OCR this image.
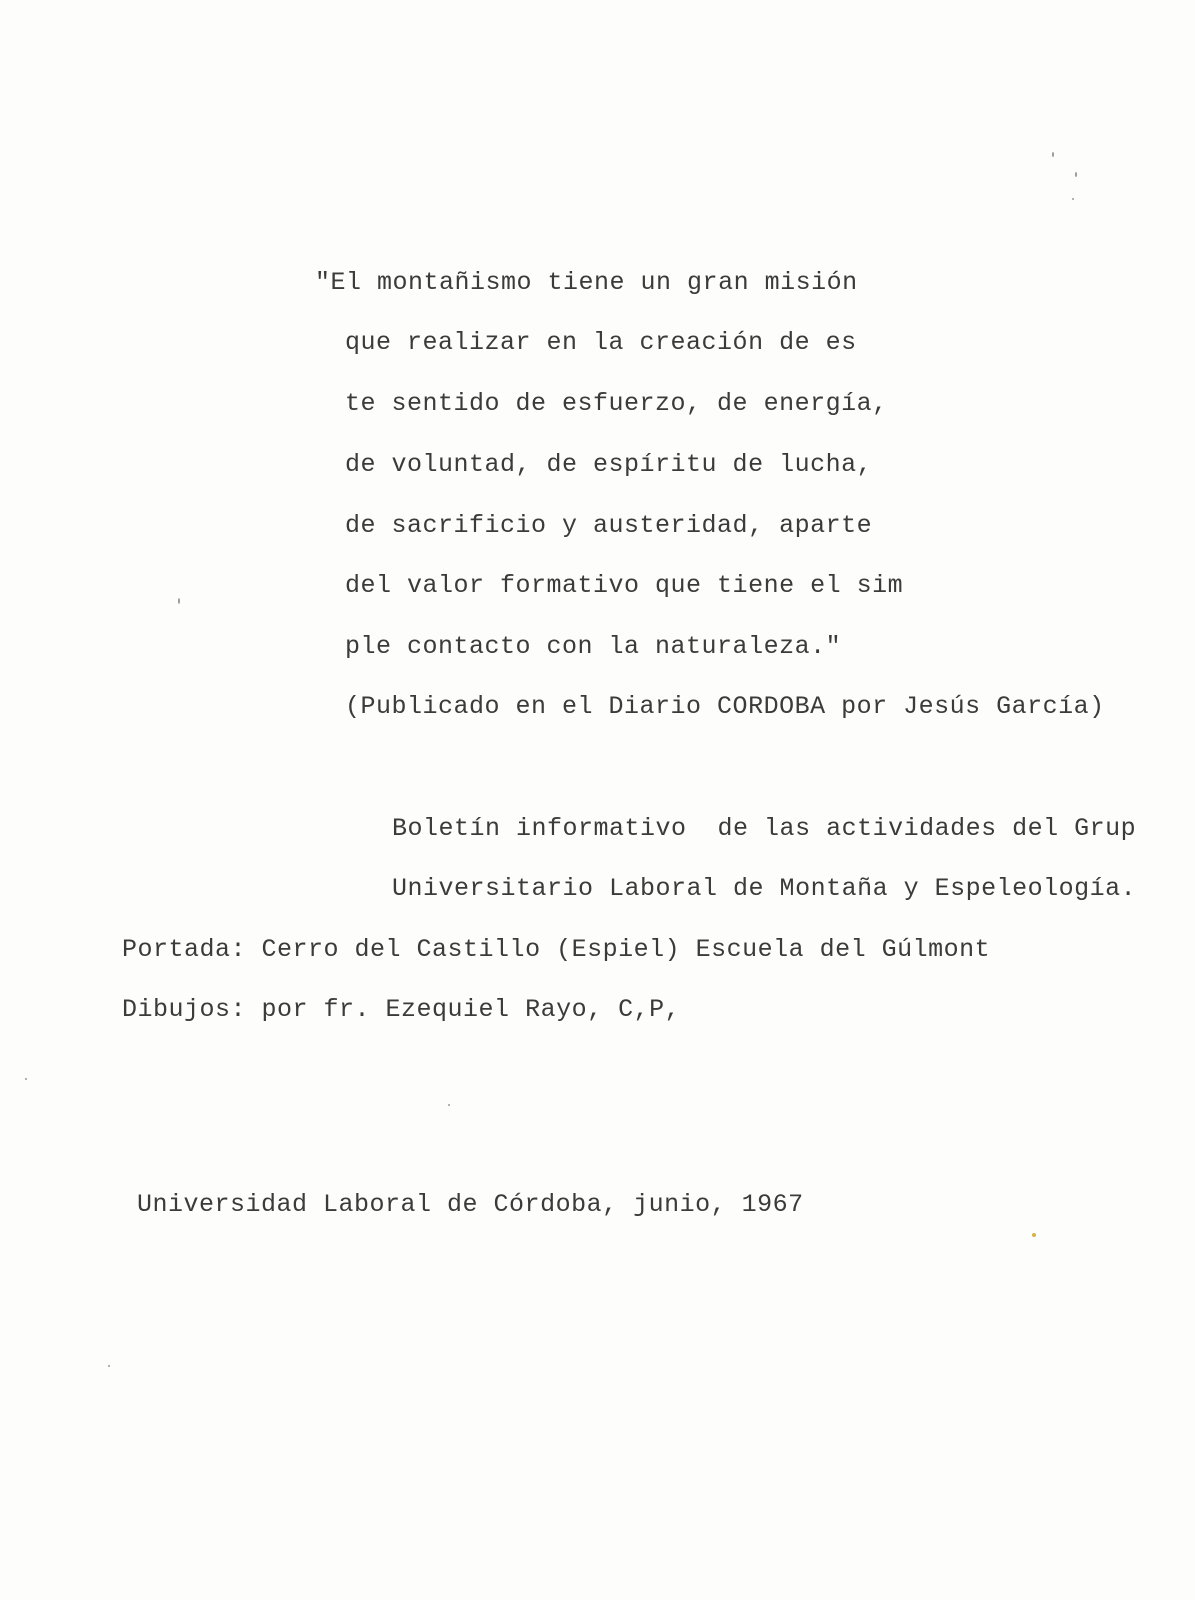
"El montañismo tiene un gran misión
que realizar en la creación de es
te sentido de esfuerzo, de energía,
de voluntad, de espíritu de lucha,
de sacrificio y austeridad, aparte
del valor formativo que tiene el sim
ple contacto con la naturaleza."
(Publicado en el Diario CORDOBA por Jesús García)
Boletín informativo  de las actividades del Grup
Universitario Laboral de Montaña y Espeleología.
Portada: Cerro del Castillo (Espiel) Escuela del Gúlmont
Dibujos: por fr. Ezequiel Rayo, C,P,
Universidad Laboral de Córdoba, junio, 1967
